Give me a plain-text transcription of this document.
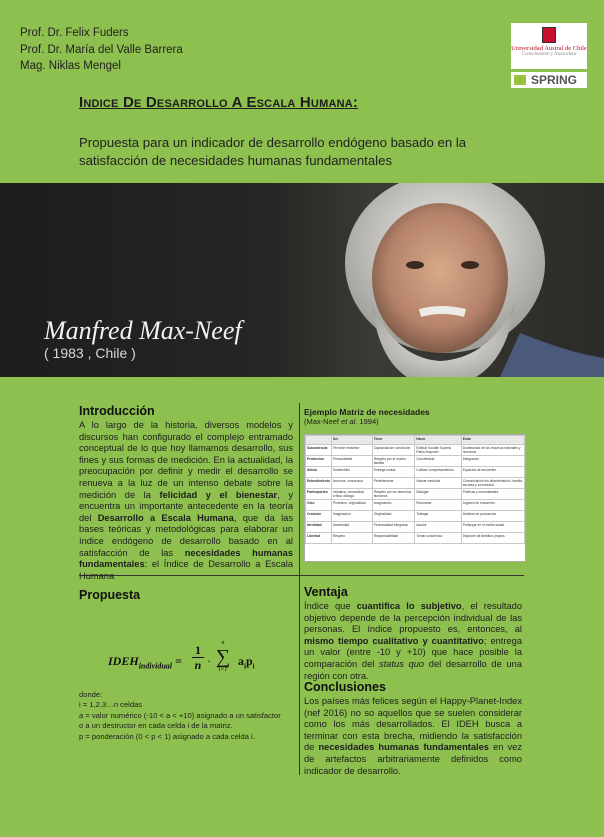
Prof. Dr. Felix Fuders
Prof. Dr. María del Valle Barrera
Mag. Niklas Mengel
Universidad Austral de Chile
Conocimiento y Naturaleza
SPRING
Indice De Desarrollo A Escala Humana:
Propuesta para un indicador de desarrollo endógeno basado en la satisfacción de necesidades humanas fundamentales
Manfred Max-Neef
( 1983 , Chile )
Introducción
A lo largo de la historia, diversos modelos y discursos han configurado el complejo entramado conceptual de lo que hoy llamamos desarrollo, sus fines y sus formas de medición. En la actualidad, la preocupación por definir y medir el desarrollo se renueva a la luz de un intenso debate sobre la medición de la felicidad y el bienestar, y encuentra un importante antecedente en la teoría del Desarrollo a Escala Humana, que da las bases teóricas y metodológicas para elaborar un índice endógeno de desarrollo basado en al satisfacción de las necesidades humanas fundamentales: el Índice de Desarrollo a Escala Humana
Ejemplo Matriz de necesidades
(Max-Neef et al. 1994)
	Ser	Tener	Hacer	Estar
Subsistencia	Terrorde resistirse	Capacidad de convicción	Edificar Sociale Superio Pablo Ampuder	Dominancia de los recursos naturales y humanos
Protección	Personalidad	Respeto por el núcleo familiar	Concientizar	Integración
Afecto	Sostenibles	Entrega mutua	Cultivar comportamientos	Espacios de encuentro
Entendimiento	Armonía, conciencia	Persistencias	Valorar métodos	Comunicación sin discriminación, familia, escuela y comunidad
Participación	Iniciativa, humanidad crítica, diálogo	Respeto por los derechos humanos	Dialogar	Políticas y comunidades
Ocio	Profesión, originalidad	Imaginación	Recrearse	Lugares de encuentro
Creación	Imaginación	Originalidad	Trabajar	Ámbitos de producción
Identidad	Asertividad	Personalidad integrada	Asumir	Participar en el medio social
Libertad	Respeto	Responsabilidad	Tomar conciencia	Disponer de ámbitos propios
Propuesta
$IDEH_{individual} = \frac{1}{n}$ ·
n
∑
i=1
$a_ip_i$
donde:
i = 1,2,3…n celdas
a = valor numérico (-10 < a < +10) asignado a un satisfactor
o a un destructor en cada celda i de la matriz.
p = ponderación (0 < p < 1) asignado a cada celda i.
Ventaja
Índice que cuantifica lo subjetivo, el resultado objetivo depende de la percepción individual de las personas. El índice propuesto es, entonces, al mismo tiempo cualitativo y cuantitativo; entrega un valor (entre -10 y +10) que hace posible la comparación del status quo del desarrollo de una región con otra.
Conclusiones
Los países más felices según el Happy-Planet-Index (nef 2016) no so aquellos que se suelen considerar como los más desarrollados. El IDEH busca a terminar con esta brecha, midiendo la satisfacción de necesidades humanas fundamentales en vez de artefactos arbitrariamente definidos como indicador de desarrollo.
